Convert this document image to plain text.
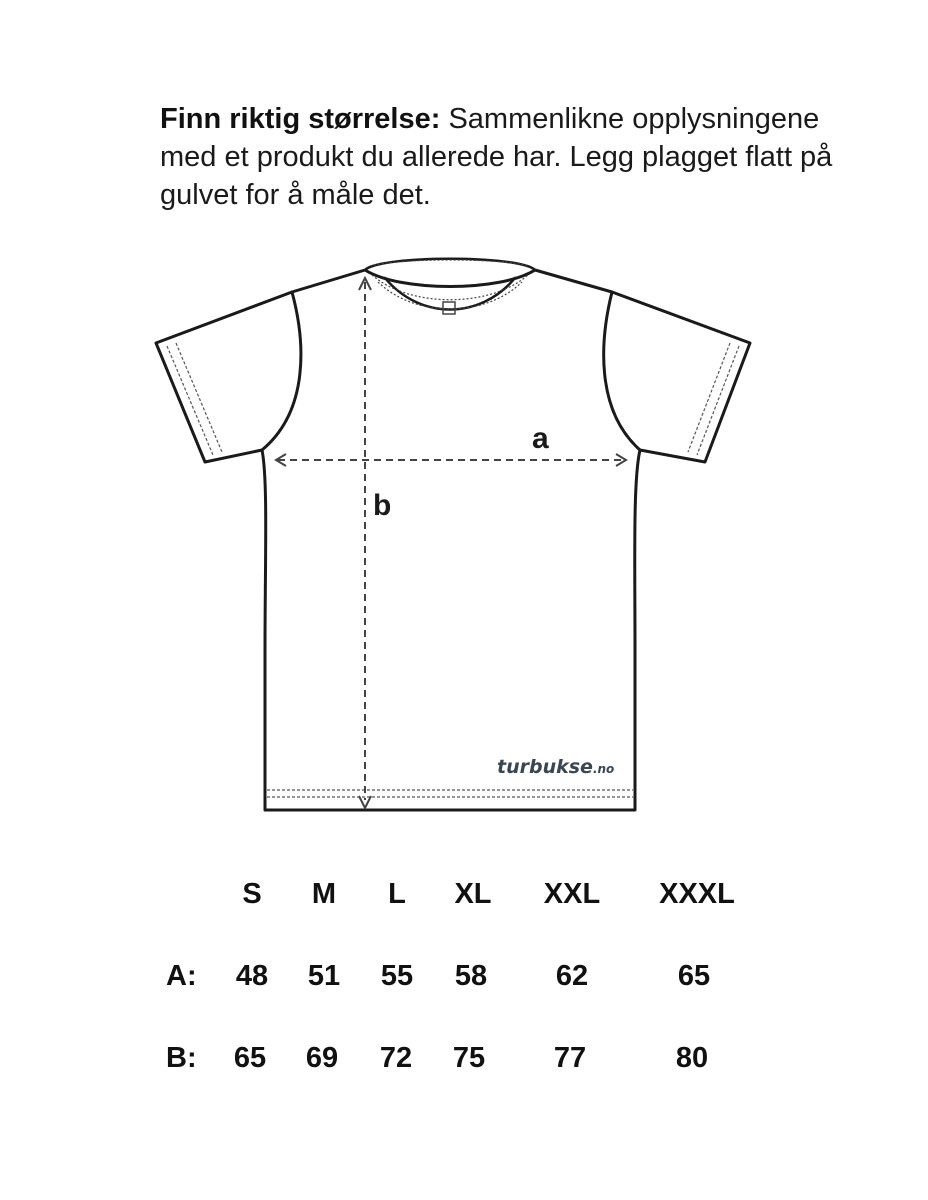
Finn riktig størrelse: Sammenlikne opplysningene med et produkt du allerede har. Legg plagget flatt på gulvet for å måle det.
a
b
turbukse.no
S M L XL XXL XXXL
A: 48 51 55 58 62	65
B: 65 69 72 75 77	80
